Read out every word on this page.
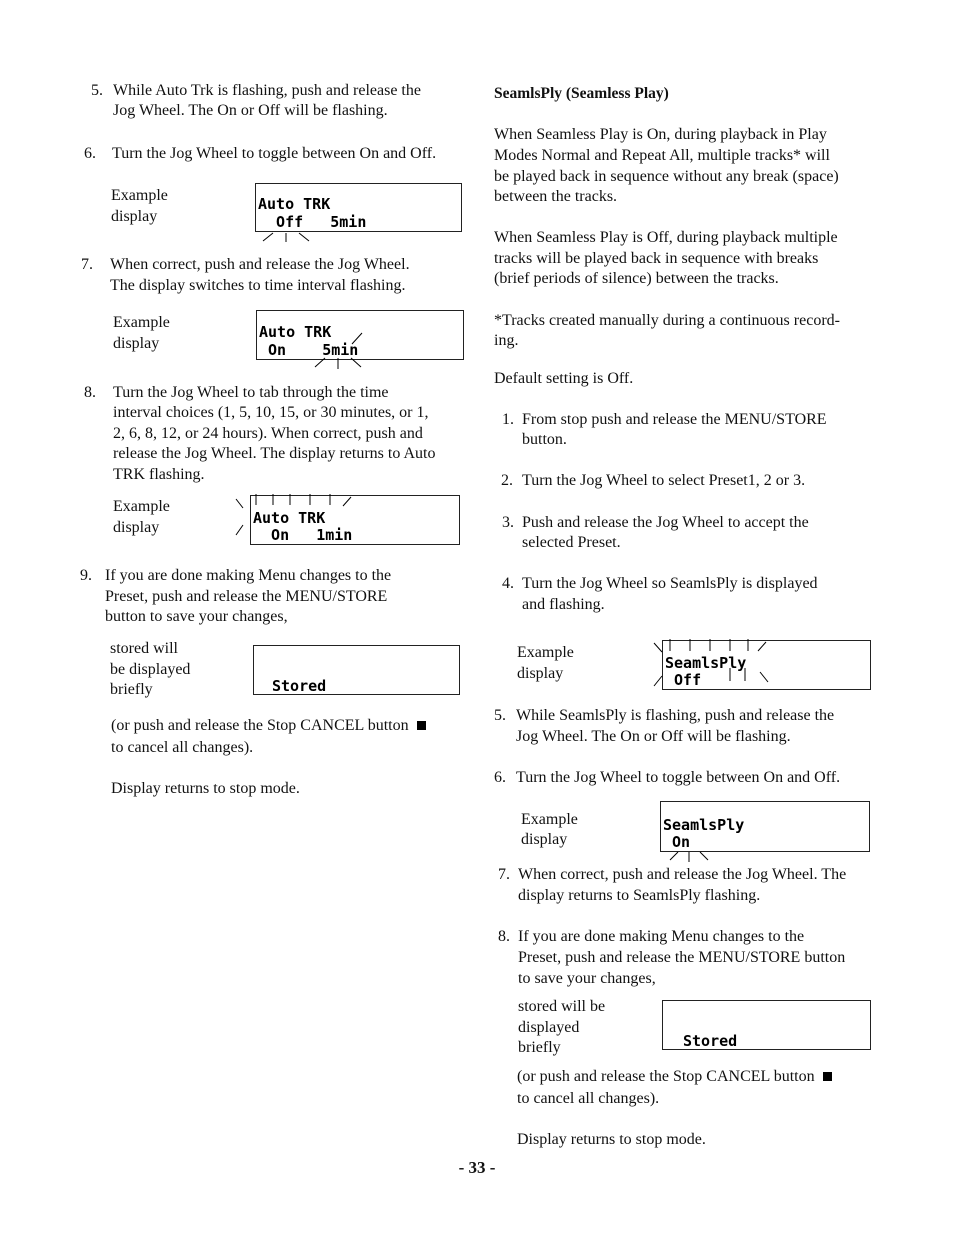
5. While Auto Trk is flashing, push and release the
Jog Wheel. The On or Off will be flashing.
6. Turn the Jog Wheel to toggle between On and Off.
Example
display
Auto TRK
Off   5min
7. When correct, push and release the Jog Wheel.
The display switches to time interval flashing.
Example
display
Auto TRK
On    5min
8. Turn the Jog Wheel to tab through the time
interval choices (1, 5, 10, 15, or 30 minutes, or 1,
2, 6, 8, 12, or 24 hours). When correct, push and
release the Jog Wheel. The display returns to Auto
TRK flashing.
Example
display
Auto TRK
On   1min
9. If you are done making Menu changes to the
Preset, push and release the MENU/STORE
button to save your changes,
stored will
be displayed
briefly	Stored
(or push and release the Stop CANCEL button
to cancel all changes).
Display returns to stop mode.
SeamlsPly (Seamless Play)
When Seamless Play is On, during playback in Play
Modes Normal and Repeat All, multiple tracks* will
be played back in sequence without any break (space)
between the tracks.
When Seamless Play is Off, during playback multiple
tracks will be played back in sequence with breaks
(brief periods of silence) between the tracks.
*Tracks created manually during a continuous record-
ing.
Default setting is Off.
1. From stop push and release the MENU/STORE
button.
2. Turn the Jog Wheel to select Preset1, 2 or 3.
3. Push and release the Jog Wheel to accept the
selected Preset.
4. Turn the Jog Wheel so SeamlsPly is displayed
and flashing.
Example
display
SeamlsPly
Off
5. While SeamlsPly is flashing, push and release the
Jog Wheel. The On or Off will be flashing.
6. Turn the Jog Wheel to toggle between On and Off.
Example
display
SeamlsPly
On
7. When correct, push and release the Jog Wheel. The
display returns to SeamlsPly flashing.
8. If you are done making Menu changes to the
Preset, push and release the MENU/STORE button
to save your changes,
stored will be
displayed
briefly	Stored
(or push and release the Stop CANCEL button
to cancel all changes).
Display returns to stop mode.
- 33 -
